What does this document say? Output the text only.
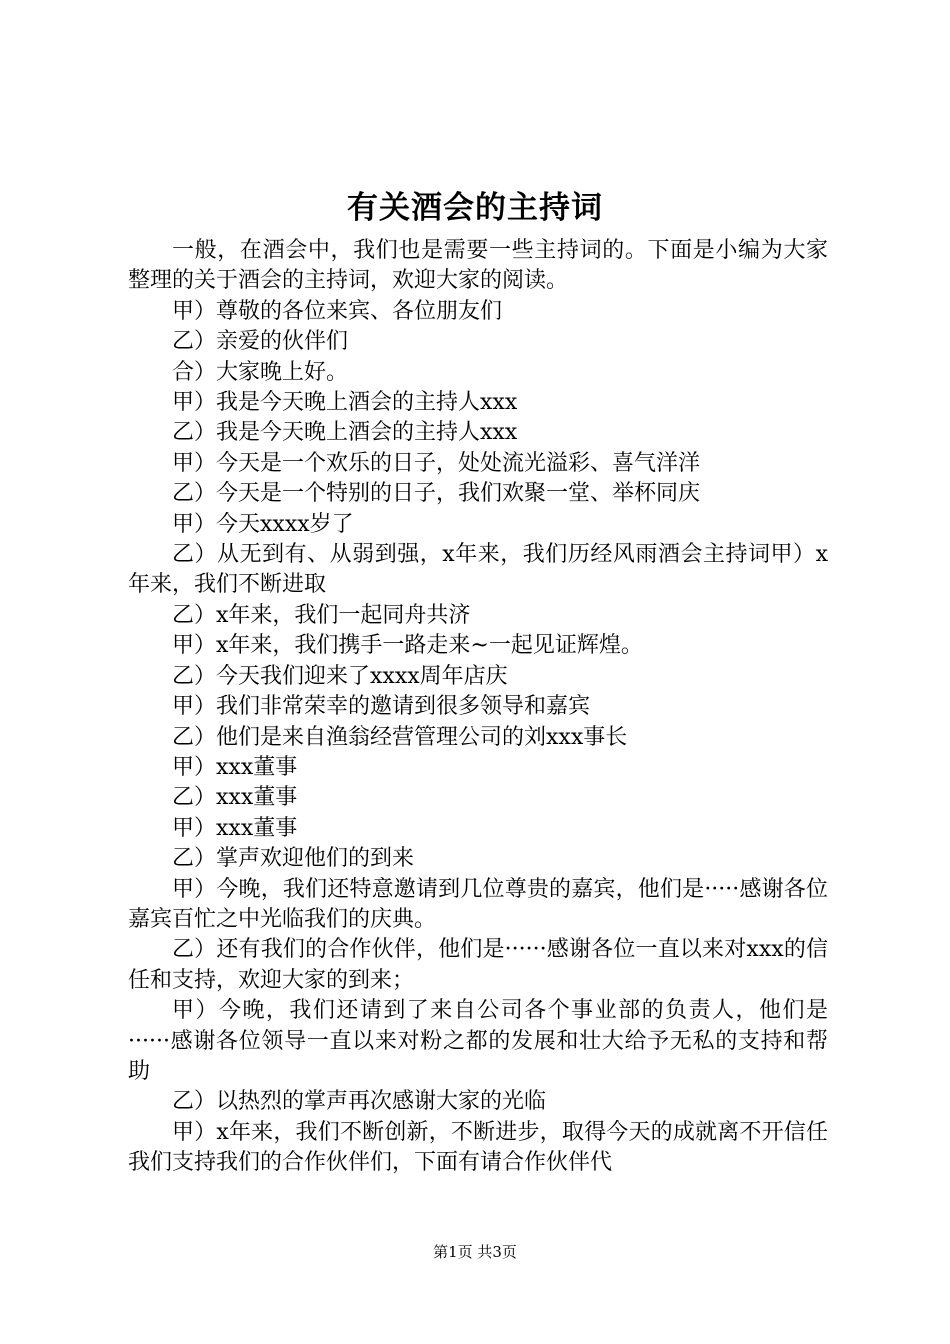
有关酒会的主持词

一般，在酒会中，我们也是需要一些主持词的。下面是小编为大家整理的关于酒会的主持词，欢迎大家的阅读。

甲）尊敬的各位来宾、各位朋友们

乙）亲爱的伙伴们

合）大家晚上好。

甲）我是今天晚上酒会的主持人xxx

乙）我是今天晚上酒会的主持人xxx

甲）今天是一个欢乐的日子，处处流光溢彩、喜气洋洋

乙）今天是一个特别的日子，我们欢聚一堂、举杯同庆

甲）今天xxxx岁了

乙）从无到有、从弱到强，x年来，我们历经风雨酒会主持词甲）x年来，我们不断进取

乙）x年来，我们一起同舟共济

甲）x年来，我们携手一路走来~一起见证辉煌。

乙）今天我们迎来了xxxx周年店庆

甲）我们非常荣幸的邀请到很多领导和嘉宾

乙）他们是来自渔翁经营管理公司的刘xxx事长

甲）xxx董事

乙）xxx董事

甲）xxx董事

乙）掌声欢迎他们的到来

甲）今晚，我们还特意邀请到几位尊贵的嘉宾，他们是·····感谢各位嘉宾百忙之中光临我们的庆典。

乙）还有我们的合作伙伴，他们是······感谢各位一直以来对xxx的信任和支持，欢迎大家的到来；

甲）今晚，我们还请到了来自公司各个事业部的负责人，他们是······感谢各位领导一直以来对粉之都的发展和壮大给予无私的支持和帮助

乙）以热烈的掌声再次感谢大家的光临

甲）x年来，我们不断创新，不断进步，取得今天的成就离不开信任我们支持我们的合作伙伴们，下面有请合作伙伴代

第1页 共3页
